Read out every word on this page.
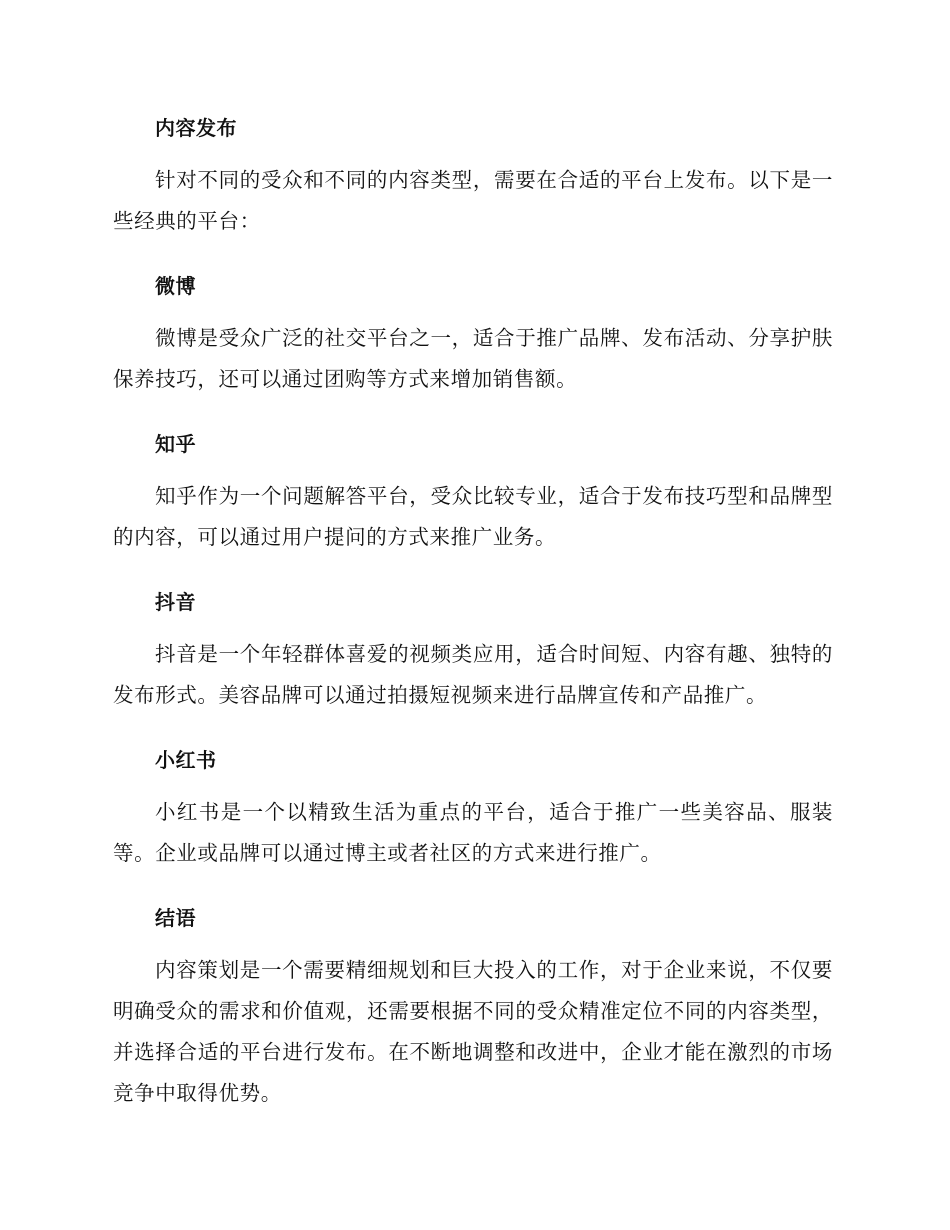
内容发布

针对不同的受众和不同的内容类型，需要在合适的平台上发布。以下是一些经典的平台：

微博

微博是受众广泛的社交平台之一，适合于推广品牌、发布活动、分享护肤保养技巧，还可以通过团购等方式来增加销售额。

知乎

知乎作为一个问题解答平台，受众比较专业，适合于发布技巧型和品牌型的内容，可以通过用户提问的方式来推广业务。

抖音

抖音是一个年轻群体喜爱的视频类应用，适合时间短、内容有趣、独特的发布形式。美容品牌可以通过拍摄短视频来进行品牌宣传和产品推广。

小红书

小红书是一个以精致生活为重点的平台，适合于推广一些美容品、服装等。企业或品牌可以通过博主或者社区的方式来进行推广。

结语

内容策划是一个需要精细规划和巨大投入的工作，对于企业来说，不仅要明确受众的需求和价值观，还需要根据不同的受众精准定位不同的内容类型，并选择合适的平台进行发布。在不断地调整和改进中，企业才能在激烈的市场竞争中取得优势。
